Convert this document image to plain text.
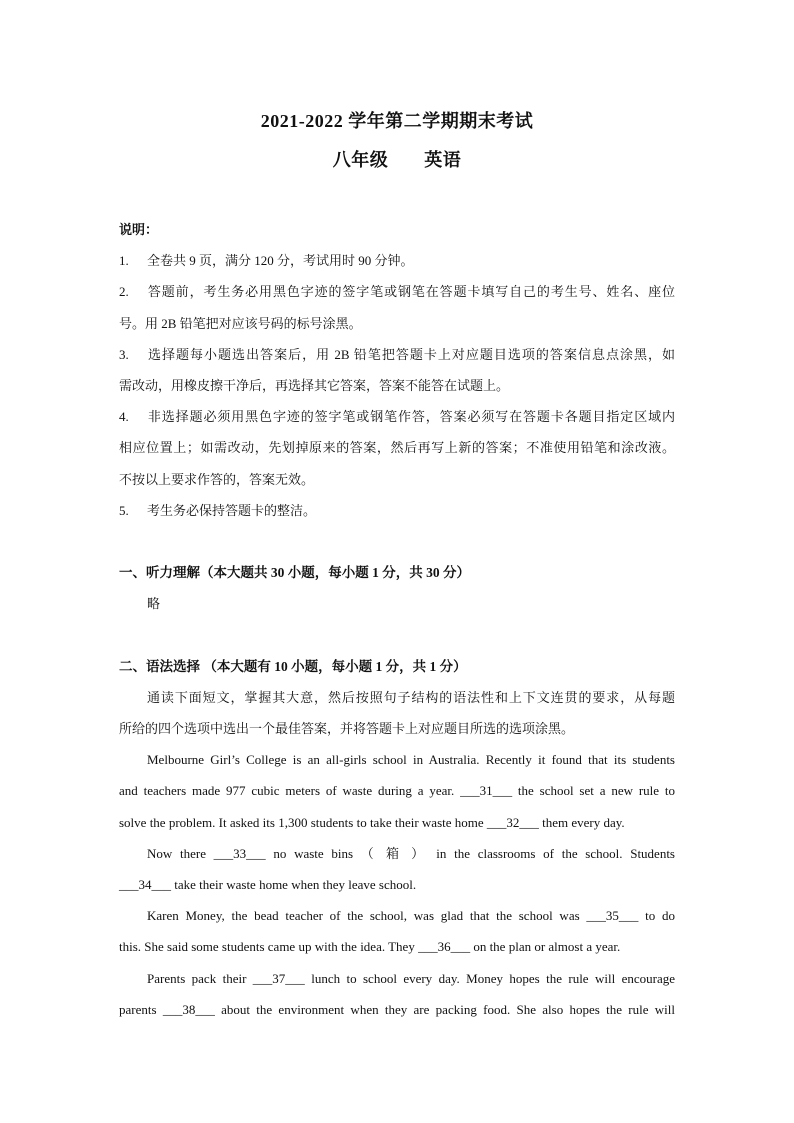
2021-2022 学年第二学期期末考试
八年级 英语
说明：
1. 全卷共 9 页，满分 120 分，考试用时 90 分钟。
2. 答题前，考生务必用黑色字迹的签字笔或钢笔在答题卡填写自己的考生号、姓名、座位
号。用 2B 铅笔把对应该号码的标号涂黑。
3. 选择题每小题选出答案后，用 2B 铅笔把答题卡上对应题目选项的答案信息点涂黑，如
需改动，用橡皮擦干净后，再选择其它答案，答案不能答在试题上。
4. 非选择题必须用黑色字迹的签字笔或钢笔作答，答案必须写在答题卡各题目指定区域内
相应位置上；如需改动，先划掉原来的答案，然后再写上新的答案；不准使用铅笔和涂改液。
不按以上要求作答的，答案无效。
5. 考生务必保持答题卡的整洁。
一、听力理解（本大题共 30 小题，每小题 1 分，共 30 分）
略
二、语法选择 （本大题有 10 小题，每小题 1 分，共 1 分）
通读下面短文，掌握其大意，然后按照句子结构的语法性和上下文连贯的要求，从每题
所给的四个选项中选出一个最佳答案，并将答题卡上对应题目所选的选项涂黑。
Melbourne Girl’s College is an all-girls school in Australia. Recently it found that its students
and teachers made 977 cubic meters of waste during a year. ___31___ the school set a new rule to
solve the problem. It asked its 1,300 students to take their waste home ___32___ them every day.
Now there ___33___ no waste bins （ 箱 ） in the classrooms of the school. Students
___34___ take their waste home when they leave school.
Karen Money, the bead teacher of the school, was glad that the school was ___35___ to do
this. She said some students came up with the idea. They ___36___ on the plan or almost a year.
Parents pack their ___37___ lunch to school every day. Money hopes the rule will encourage
parents ___38___ about the environment when they are packing food. She also hopes the rule will
